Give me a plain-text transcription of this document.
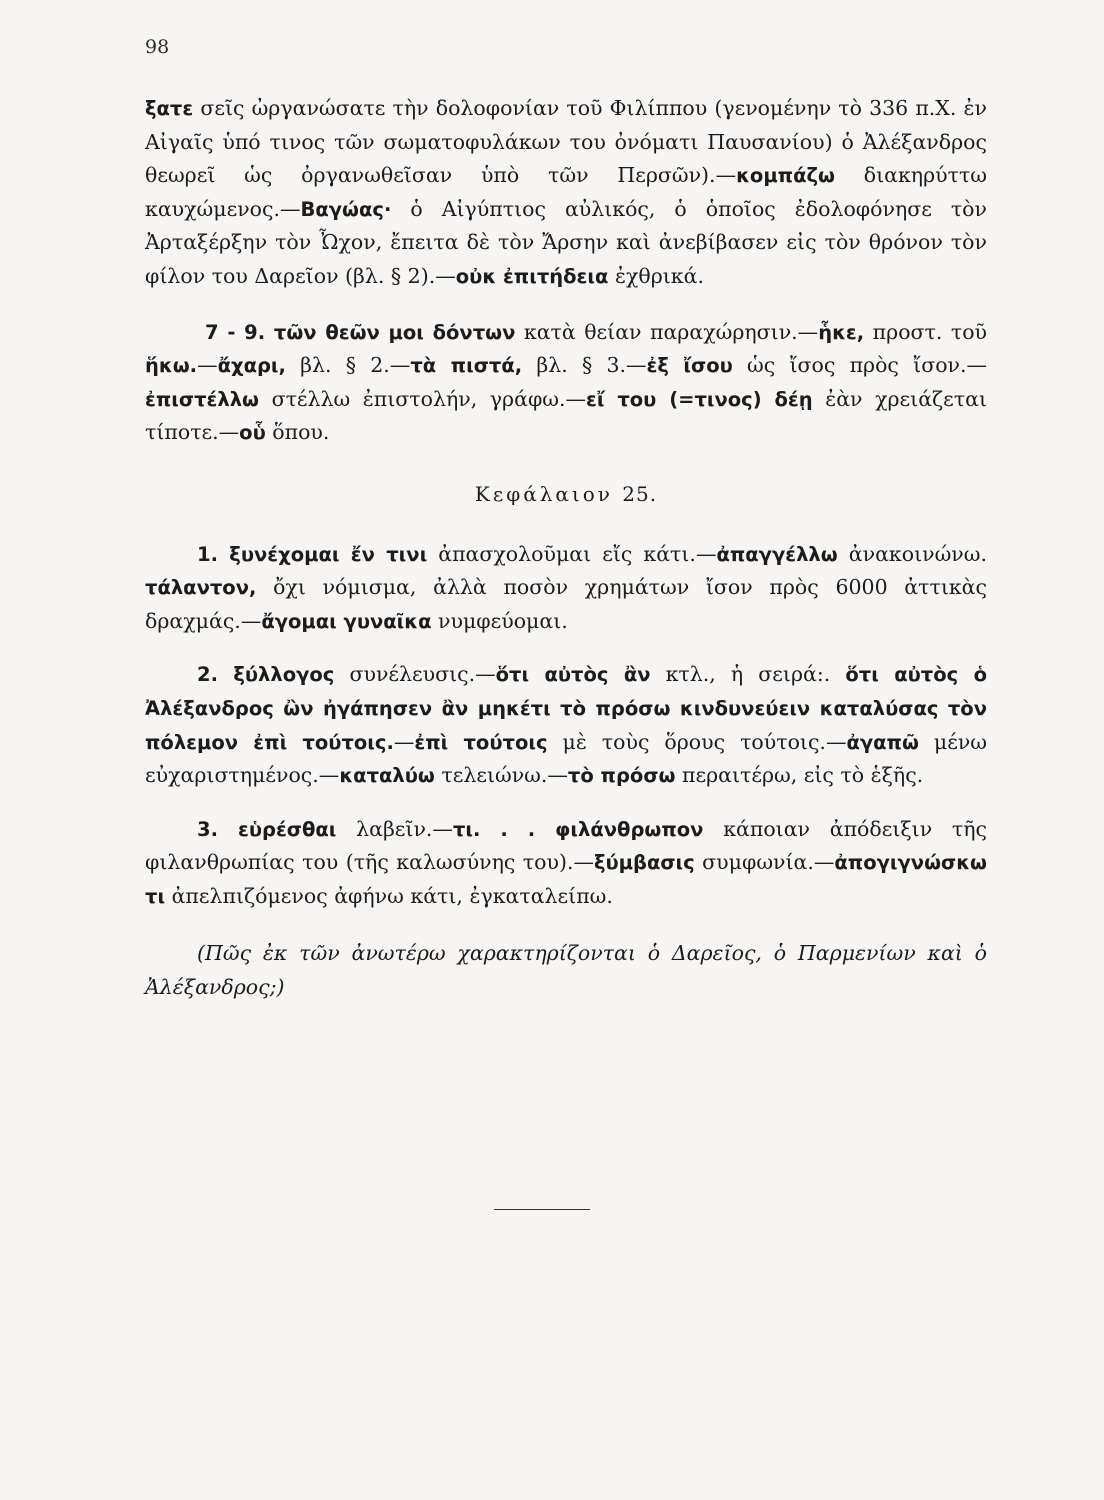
98

ξατε σεῖς ὠργανώσατε τὴν δολοφονίαν τοῦ Φιλίππου (γενομένην τὸ 336 π.Χ. ἐν Αἰγαῖς ὑπό τινος τῶν σωματοφυλάκων του ὀνόματι Παυσανίου) ὁ Ἀλέξανδρος θεωρεῖ ὡς ὀργανωθεῖσαν ὑπὸ τῶν Περσῶν).—κομπάζω διακηρύττω καυχώμενος.—Βαγώας· ὁ Αἰγύπτιος αὐλικός, ὁ ὁποῖος ἐδολοφόνησε τὸν Ἀρταξέρξην τὸν Ὦχον, ἔπειτα δὲ τὸν Ἄρσην καὶ ἀνεβίβασεν εἰς τὸν θρόνον τὸν φίλον του Δαρεῖον (βλ. § 2).—οὐκ ἐπιτήδεια ἐχθρικά.

7 - 9. τῶν θεῶν μοι δόντων κατὰ θείαν παραχώρησιν.—ἧκε, προστ. τοῦ ἥκω.—ἄχαρι, βλ. § 2.—τὰ πιστά, βλ. § 3.—ἐξ ἴσου ὡς ἴσος πρὸς ἴσον.—ἐπιστέλλω στέλλω ἐπιστολήν, γράφω.—εἴ του (=τινος) δέῃ ἐὰν χρειάζεται τίποτε.—οὗ ὅπου.

Κεφάλαιον 25.

1. ξυνέχομαι ἔν τινι ἀπασχολοῦμαι εἴς κάτι.—ἀπαγγέλλω ἀνακοινώνω. τάλαντον, ὄχι νόμισμα, ἀλλὰ ποσὸν χρημάτων ἴσον πρὸς 6000 ἀττικὰς δραχμάς.—ἄγομαι γυναῖκα νυμφεύομαι.

2. ξύλλογος συνέλευσις.—ὅτι αὐτὸς ἂν κτλ., ἡ σειρά:. ὅτι αὐτὸς ὁ Ἀλέξανδρος ὢν ἠγάπησεν ἂν μηκέτι τὸ πρόσω κινδυνεύειν καταλύσας τὸν πόλεμον ἐπὶ τούτοις.—ἐπὶ τούτοις μὲ τοὺς ὅρους τούτοις.—ἀγαπῶ μένω εὐχαριστημένος.—καταλύω τελειώνω.—τὸ πρόσω περαιτέρω, εἰς τὸ ἑξῆς.

3. εὑρέσθαι λαβεῖν.—τι. . . φιλάνθρωπον κάποιαν ἀπόδειξιν τῆς φιλανθρωπίας του (τῆς καλωσύνης του).—ξύμβασις συμφωνία.—ἀπογιγνώσκω τι ἀπελπιζόμενος ἀφήνω κάτι, ἐγκαταλείπω.

(Πῶς ἐκ τῶν ἀνωτέρω χαρακτηρίζονται ὁ Δαρεῖος, ὁ Παρμενίων καὶ ὁ Ἀλέξανδρος;)
